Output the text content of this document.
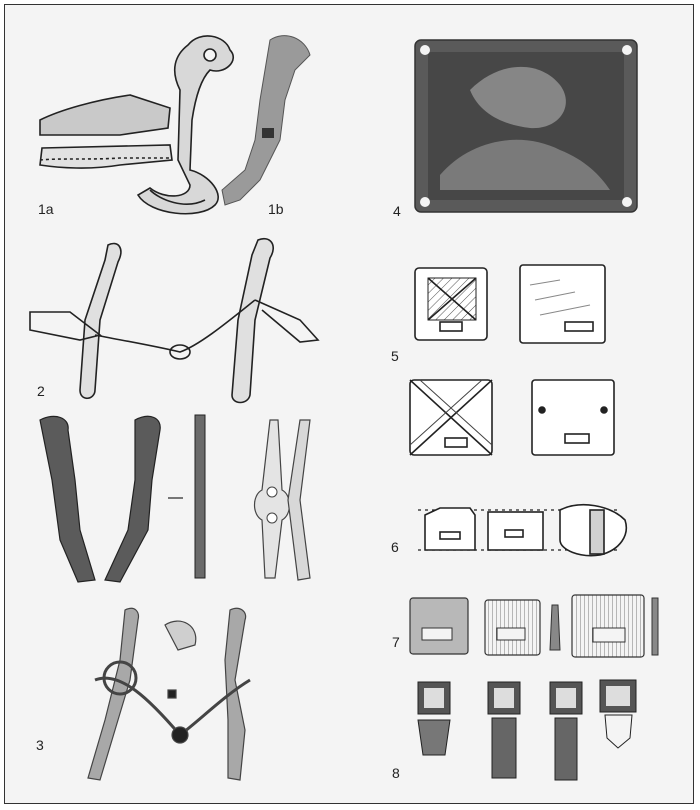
1a	1b
2
3
4
5
6
7
8
